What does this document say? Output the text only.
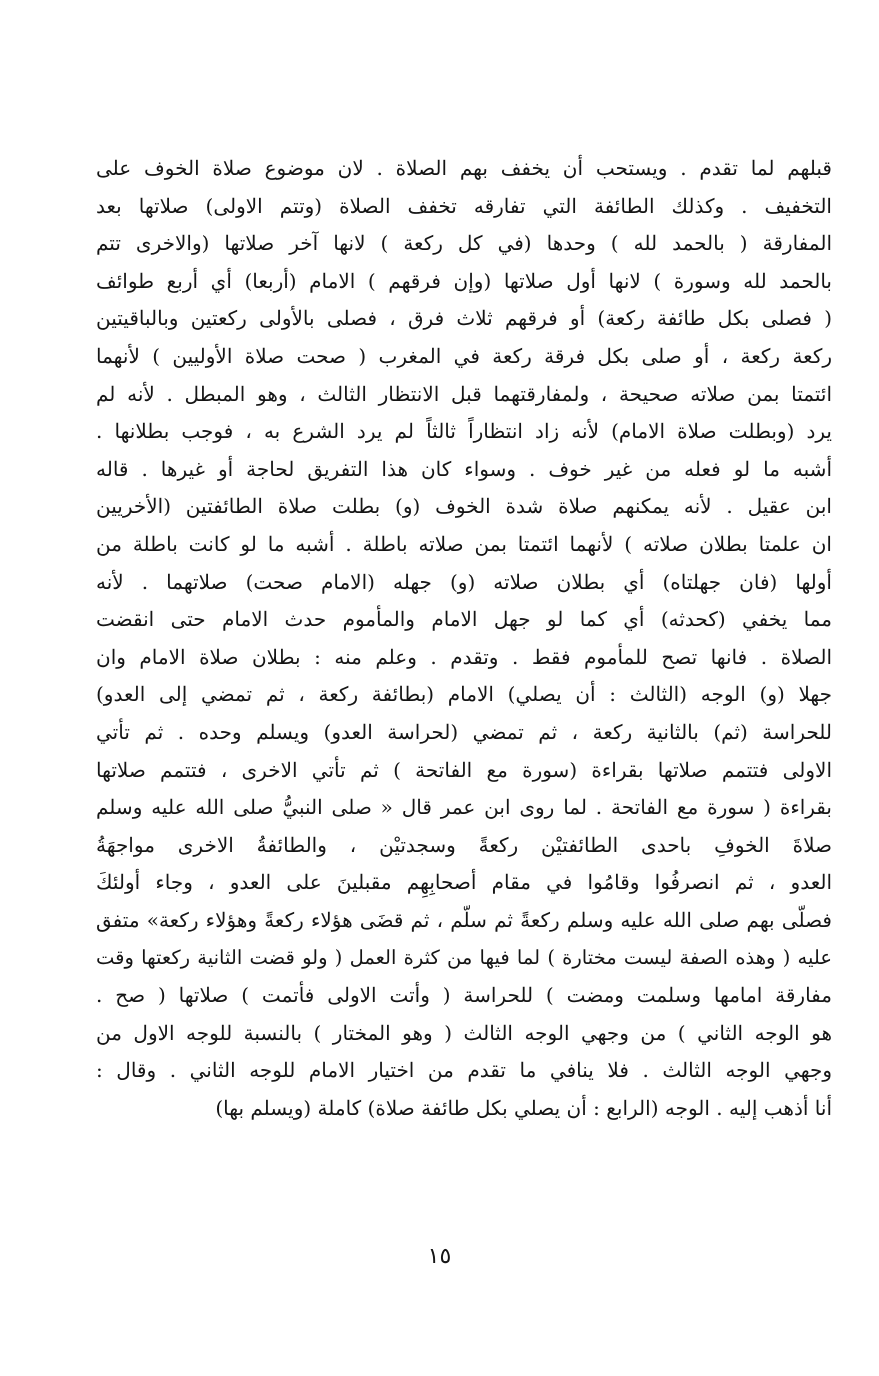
قبلهم لما تقدم . ويستحب أن يخفف بهم الصلاة . لان موضوع صلاة الخوف على
التخفيف . وكذلك الطائفة التي تفارقه تخفف الصلاة (وتتم الاولى) صلاتها بعد
المفارقة ( بالحمد لله ) وحدها (في كل ركعة ) لانها آخر صلاتها (والاخرى تتم
بالحمد لله وسورة ) لانها أول صلاتها (وإن فرقهم ) الامام (أربعا) أي أربع طوائف
( فصلى بكل طائفة ركعة) أو فرقهم ثلاث فرق ، فصلى بالأولى ركعتين وبالباقيتين
ركعة ركعة ، أو صلى بكل فرقة ركعة في المغرب ( صحت صلاة الأوليين ) لأنهما
ائتمتا بمن صلاته صحيحة ، ولمفارقتهما قبل الانتظار الثالث ، وهو المبطل . لأنه لم
يرد (وبطلت صلاة الامام) لأنه زاد انتظاراً ثالثاً لم يرد الشرع به ، فوجب بطلانها .
أشبه ما لو فعله من غير خوف . وسواء كان هذا التفريق لحاجة أو غيرها . قاله
ابن عقيل . لأنه يمكنهم صلاة شدة الخوف (و) بطلت صلاة الطائفتين (الأخريين
ان علمتا بطلان صلاته ) لأنهما ائتمتا بمن صلاته باطلة . أشبه ما لو كانت باطلة من
أولها (فان جهلتاه) أي بطلان صلاته (و) جهله (الامام صحت) صلاتهما . لأنه
مما يخفي (كحدثه) أي كما لو جهل الامام والمأموم حدث الامام حتى انقضت
الصلاة . فانها تصح للمأموم فقط . وتقدم . وعلم منه : بطلان صلاة الامام وان
جهلا (و) الوجه (الثالث : أن يصلي) الامام (بطائفة ركعة ، ثم تمضي إلى العدو)
للحراسة (ثم) بالثانية ركعة ، ثم تمضي (لحراسة العدو) ويسلم وحده . ثم تأتي
الاولى فتتمم صلاتها بقراءة (سورة مع الفاتحة ) ثم تأتي الاخرى ، فتتمم صلاتها
بقراءة ( سورة مع الفاتحة . لما روى ابن عمر قال « صلى النبيُّ صلى الله عليه وسلم
صلاةَ الخوفِ باحدى الطائفتيْن ركعةً وسجدتيْن ، والطائفةُ الاخرى مواجهَةُ
العدو ، ثم انصرفُوا وقامُوا في مقام أصحابِهِم مقبلينَ على العدو ، وجاء أولئكَ
فصلّى بهم صلى الله عليه وسلم ركعةً ثم سلّم ، ثم قضَى هؤلاء ركعةً وهؤلاء ركعة» متفق
عليه ( وهذه الصفة ليست مختارة ) لما فيها من كثرة العمل ( ولو قضت الثانية ركعتها وقت
مفارقة امامها وسلمت ومضت ) للحراسة ( وأتت الاولى فأتمت ) صلاتها ( صح .
هو الوجه الثاني ) من وجهي الوجه الثالث ( وهو المختار ) بالنسبة للوجه الاول من
وجهي الوجه الثالث . فلا ينافي ما تقدم من اختيار الامام للوجه الثاني . وقال :
أنا أذهب إليه . الوجه (الرابع : أن يصلي بكل طائفة صلاة) كاملة (ويسلم بها)
١٥
